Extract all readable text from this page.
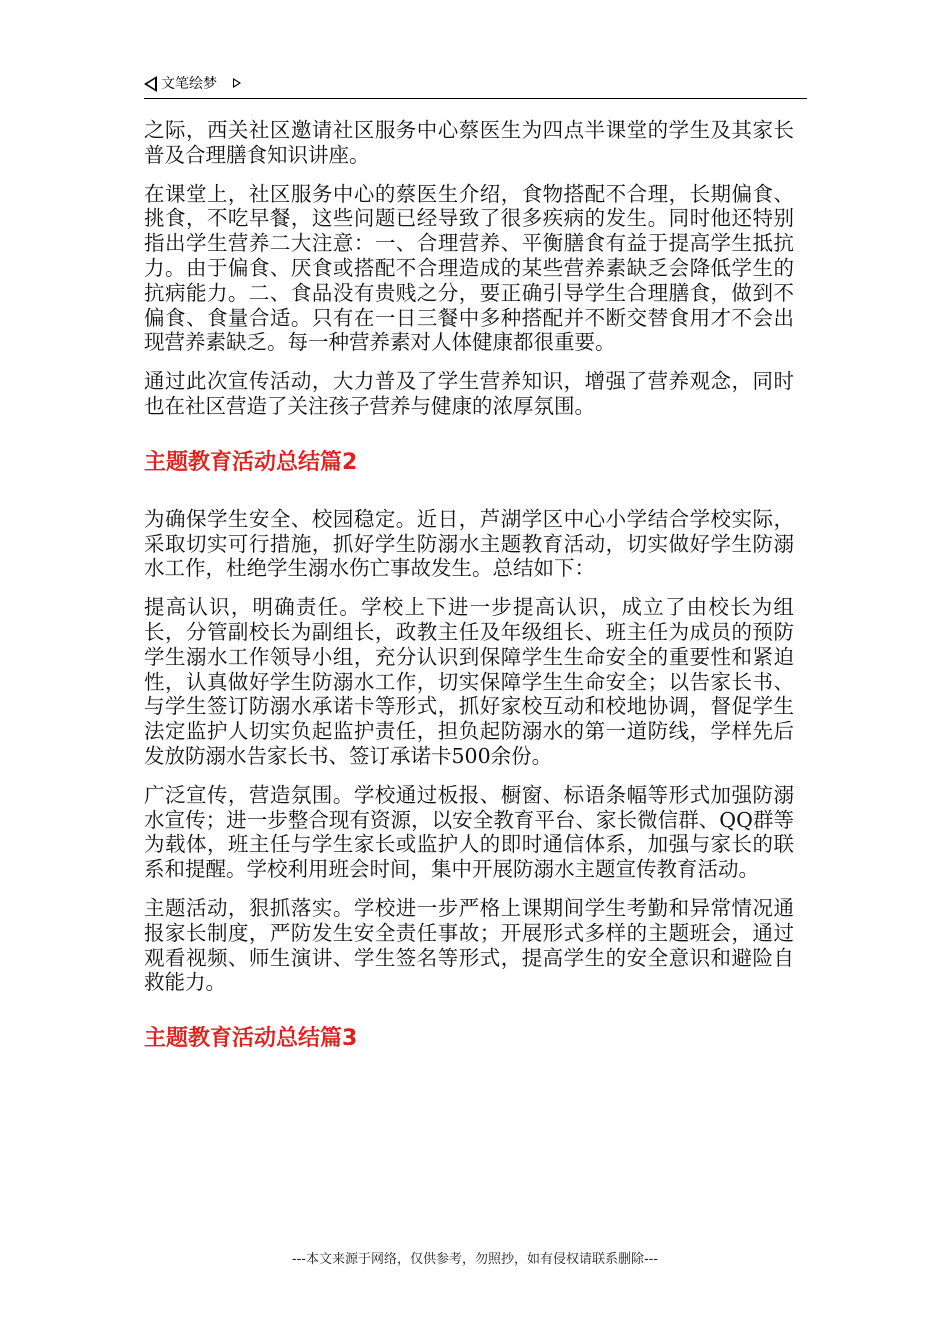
文笔绘梦

之际，西关社区邀请社区服务中心蔡医生为四点半课堂的学生及其家长普及合理膳食知识讲座。

在课堂上，社区服务中心的蔡医生介绍，食物搭配不合理，长期偏食、挑食，不吃早餐，这些问题已经导致了很多疾病的发生。同时他还特别指出学生营养二大注意：一、合理营养、平衡膳食有益于提高学生抵抗力。由于偏食、厌食或搭配不合理造成的某些营养素缺乏会降低学生的抗病能力。二、食品没有贵贱之分，要正确引导学生合理膳食，做到不偏食、食量合适。只有在一日三餐中多种搭配并不断交替食用才不会出现营养素缺乏。每一种营养素对人体健康都很重要。

通过此次宣传活动，大力普及了学生营养知识，增强了营养观念，同时也在社区营造了关注孩子营养与健康的浓厚氛围。

主题教育活动总结篇2

为确保学生安全、校园稳定。近日，芦湖学区中心小学结合学校实际，采取切实可行措施，抓好学生防溺水主题教育活动，切实做好学生防溺水工作，杜绝学生溺水伤亡事故发生。总结如下：

提高认识，明确责任。学校上下进一步提高认识，成立了由校长为组长，分管副校长为副组长，政教主任及年级组长、班主任为成员的预防学生溺水工作领导小组，充分认识到保障学生生命安全的重要性和紧迫性，认真做好学生防溺水工作，切实保障学生生命安全；以告家长书、与学生签订防溺水承诺卡等形式，抓好家校互动和校地协调，督促学生法定监护人切实负起监护责任，担负起防溺水的第一道防线，学样先后发放防溺水告家长书、签订承诺卡500余份。

广泛宣传，营造氛围。学校通过板报、橱窗、标语条幅等形式加强防溺水宣传；进一步整合现有资源，以安全教育平台、家长微信群、QQ群等为载体，班主任与学生家长或监护人的即时通信体系，加强与家长的联系和提醒。学校利用班会时间，集中开展防溺水主题宣传教育活动。

主题活动，狠抓落实。学校进一步严格上课期间学生考勤和异常情况通报家长制度，严防发生安全责任事故；开展形式多样的主题班会，通过观看视频、师生演讲、学生签名等形式，提高学生的安全意识和避险自救能力。

主题教育活动总结篇3
---本文来源于网络，仅供参考，勿照抄，如有侵权请联系删除---
